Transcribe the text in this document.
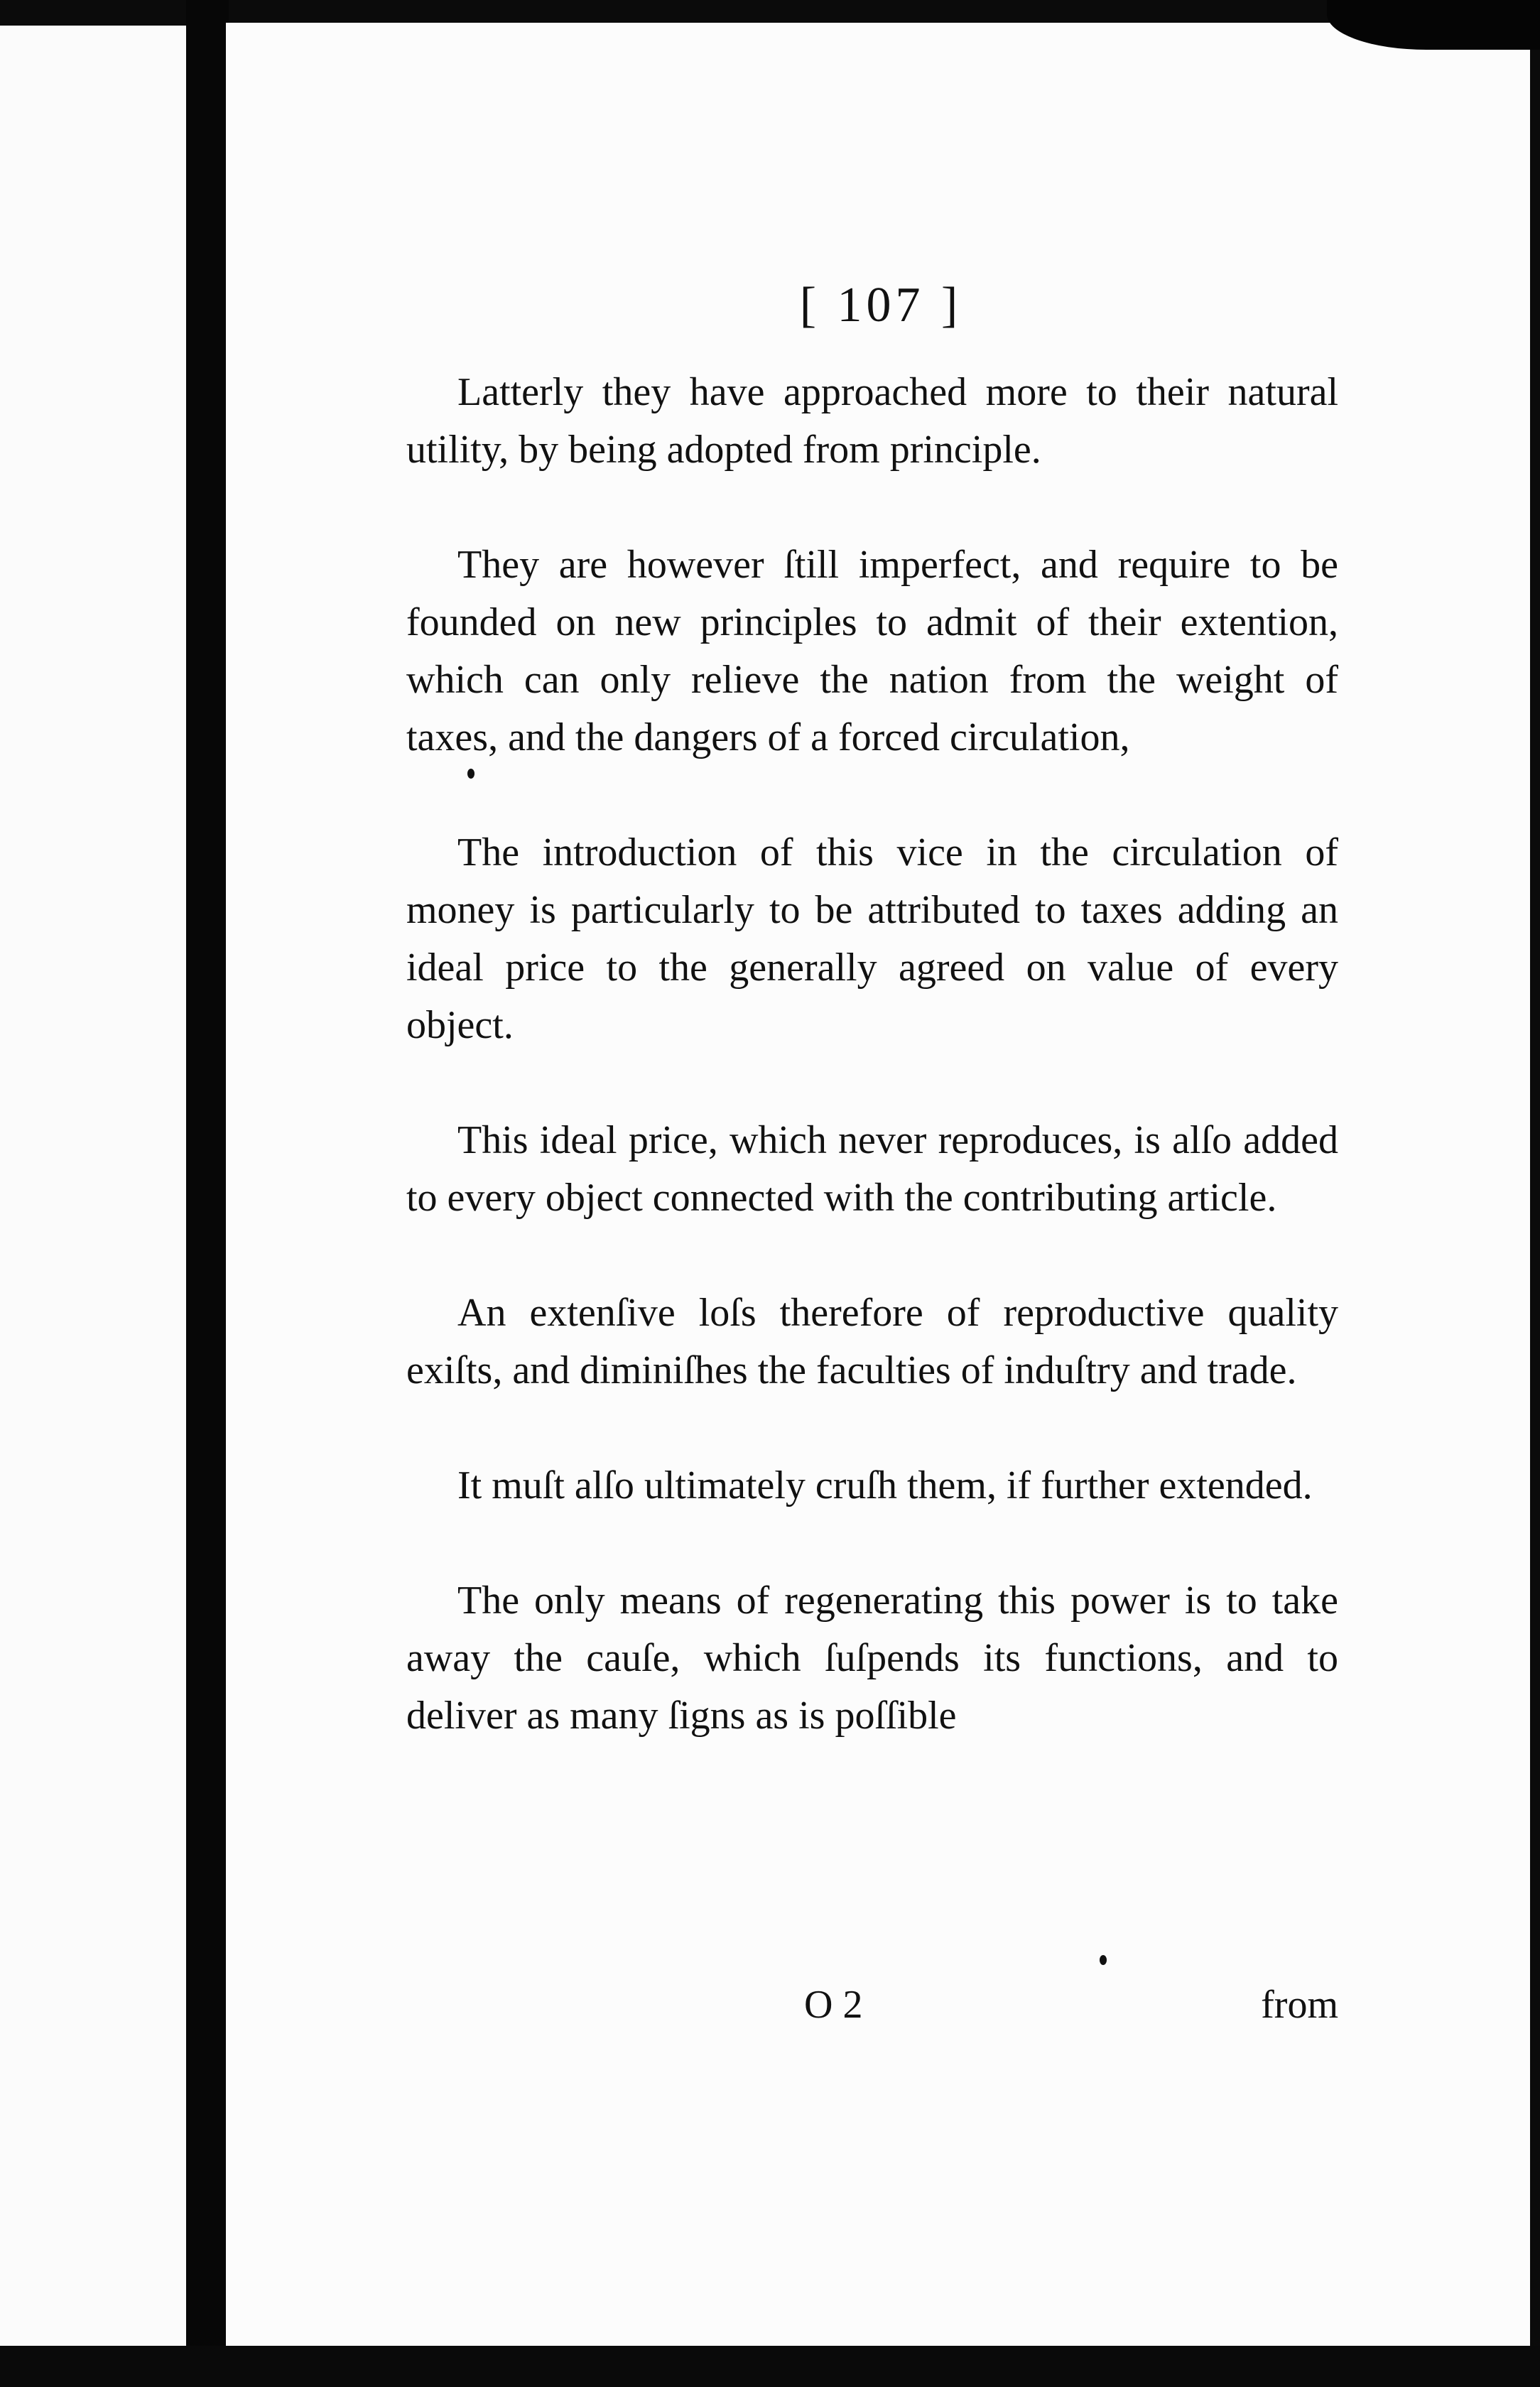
[ 107 ]

Latterly they have approached more to their natural utility, by being adopted from principle.

They are however ſtill imperfect, and require to be founded on new principles to admit of their extention, which can only relieve the nation from the weight of taxes, and the dangers of a forced circulation,

The introduction of this vice in the circulation of money is particularly to be attributed to taxes adding an ideal price to the generally agreed on value of every object.

This ideal price, which never reproduces, is alſo added to every object connected with the contributing article.

An extenſive loſs therefore of reproductive quality exiſts, and diminiſhes the faculties of induſtry and trade.

It muſt alſo ultimately cruſh them, if further extended.

The only means of regenerating this power is to take away the cauſe, which ſuſpends its functions, and to deliver as many ſigns as is poſſible

O 2	from
